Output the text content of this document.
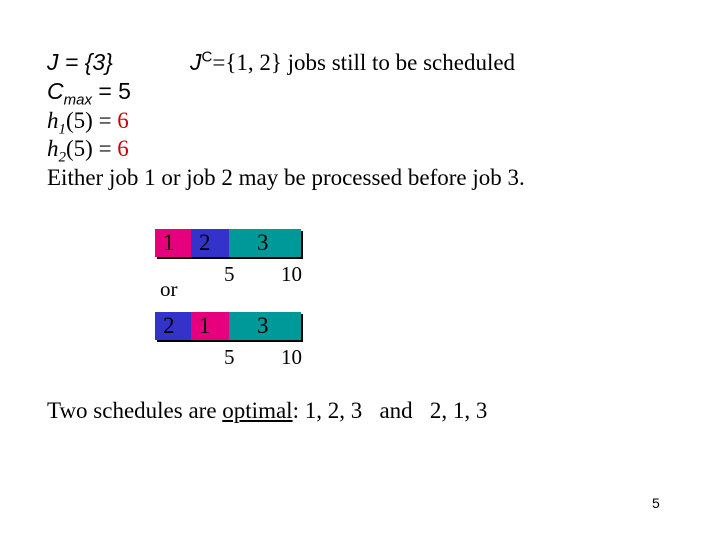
J = {3}	$J^C=\{1$, 2} jobs still to be scheduled
$C_{max} = 5$
$h_1(5) = 6$
$h_2(5) = 6$
Either job 1 or job 2 may be processed before job 3.
1 2 3
5 10
or
2 1 3
5 10
Two schedules are optimal: 1, 2, 3   and   2, 1, 3
5
